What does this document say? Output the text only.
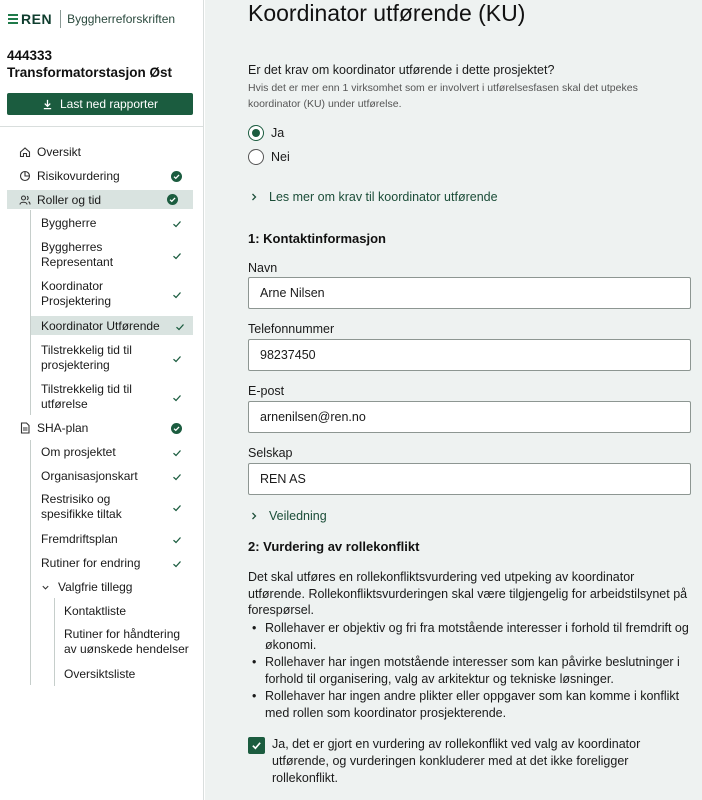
REN Byggherreforskriften
444333
Transformatorstasjon Øst
Last ned rapporter
Oversikt
Risikovurdering
Roller og tid
Byggherre
Byggherres Representant
Koordinator Prosjektering
Koordinator Utførende
Tilstrekkelig tid til prosjektering
Tilstrekkelig tid til utførelse
SHA-plan
Om prosjektet
Organisasjonskart
Restrisiko og spesifikke tiltak
Fremdriftsplan
Rutiner for endring
Valgfrie tillegg
Kontaktliste
Rutiner for håndtering av uønskede hendelser
Oversiktsliste
Koordinator utførende (KU)
Er det krav om koordinator utførende i dette prosjektet?
Hvis det er mer enn 1 virksomhet som er involvert i utførelsesfasen skal det utpekes koordinator (KU) under utførelse.
Ja
Nei
Les mer om krav til koordinator utførende
1: Kontaktinformasjon
Navn
Arne Nilsen
Telefonnummer
98237450
E-post
arnenilsen@ren.no
Selskap
REN AS
Veiledning
2: Vurdering av rollekonflikt
Det skal utføres en rollekonfliktsvurdering ved utpeking av koordinator utførende. Rollekonfliktsvurderingen skal være tilgjengelig for arbeidstilsynet på forespørsel.
• Rollehaver er objektiv og fri fra motstående interesser i forhold til fremdrift og økonomi.
• Rollehaver har ingen motstående interesser som kan påvirke beslutninger i forhold til organisering, valg av arkitektur og tekniske løsninger.
• Rollehaver har ingen andre plikter eller oppgaver som kan komme i konflikt med rollen som koordinator prosjekterende.
Ja, det er gjort en vurdering av rollekonflikt ved valg av koordinator utførende, og vurderingen konkluderer med at det ikke foreligger rollekonflikt.
